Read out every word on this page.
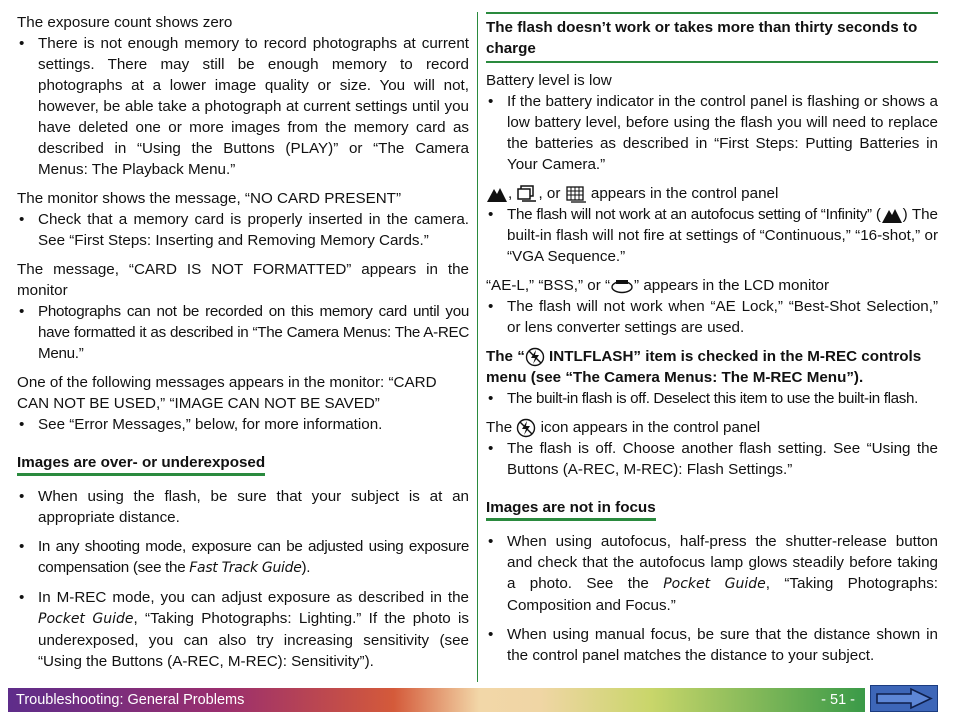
The exposure count shows zero
• There is not enough memory to record photographs at current settings. There may still be enough memory to record photographs at a lower image quality or size. You will not, however, be able take a photograph at current settings until you have deleted one or more images from the memory card as described in “Using the Buttons (PLAY)” or “The Camera Menus: The Playback Menu.”
The monitor shows the message, “NO CARD PRESENT”
• Check that a memory card is properly inserted in the camera. See “First Steps: Inserting and Removing Memory Cards.”
The message, “CARD IS NOT FORMATTED” appears in the monitor
• Photographs can not be recorded on this memory card until you have formatted it as described in “The Camera Menus: The A-REC Menu.”
One of the following messages appears in the monitor: “CARD CAN NOT BE USED,” “IMAGE CAN NOT BE SAVED”
• See “Error Messages,” below, for more information.
Images are over- or underexposed
• When using the flash, be sure that your subject is at an appropriate distance.
• In any shooting mode, exposure can be adjusted using exposure compensation (see the Fast Track Guide).
• In M-REC mode, you can adjust exposure as described in the Pocket Guide, “Taking Photographs: Lighting.” If the photo is underexposed, you can also try increasing sensitivity (see “Using the Buttons (A-REC, M-REC): Sensitivity”).
The flash doesn’t work or takes more than thirty seconds to charge
Battery level is low
• If the battery indicator in the control panel is flashing or shows a low battery level, before using the flash you will need to replace the batteries as described in “First Steps: Putting Batteries in Your Camera.”
, , or appears in the control panel
• The flash will not work at an autofocus setting of “Infinity” ( ) The built-in flash will not fire at settings of “Continuous,” “16-shot,” or “VGA Sequence.”
“AE-L,” “BSS,” or “ ” appears in the LCD monitor
• The flash will not work when “AE Lock,” “Best-Shot Selection,” or lens converter settings are used.
The “
INTLFLASH” item is checked in the M-REC controls menu (see “The Camera Menus: The M-REC Menu”).
• The built-in flash is off. Deselect this item to use the built-in flash.
The icon appears in the control panel
• The flash is off. Choose another flash setting. See “Using the Buttons (A-REC, M-REC): Flash Settings.”
Images are not in focus
• When using autofocus, half-press the shutter-release button and check that the autofocus lamp glows steadily before taking a photo. See the Pocket Guide, “Taking Photographs: Composition and Focus.”
• When using manual focus, be sure that the distance shown in the control panel matches the distance to your subject.
Troubleshooting: General Problems	- 51 -
